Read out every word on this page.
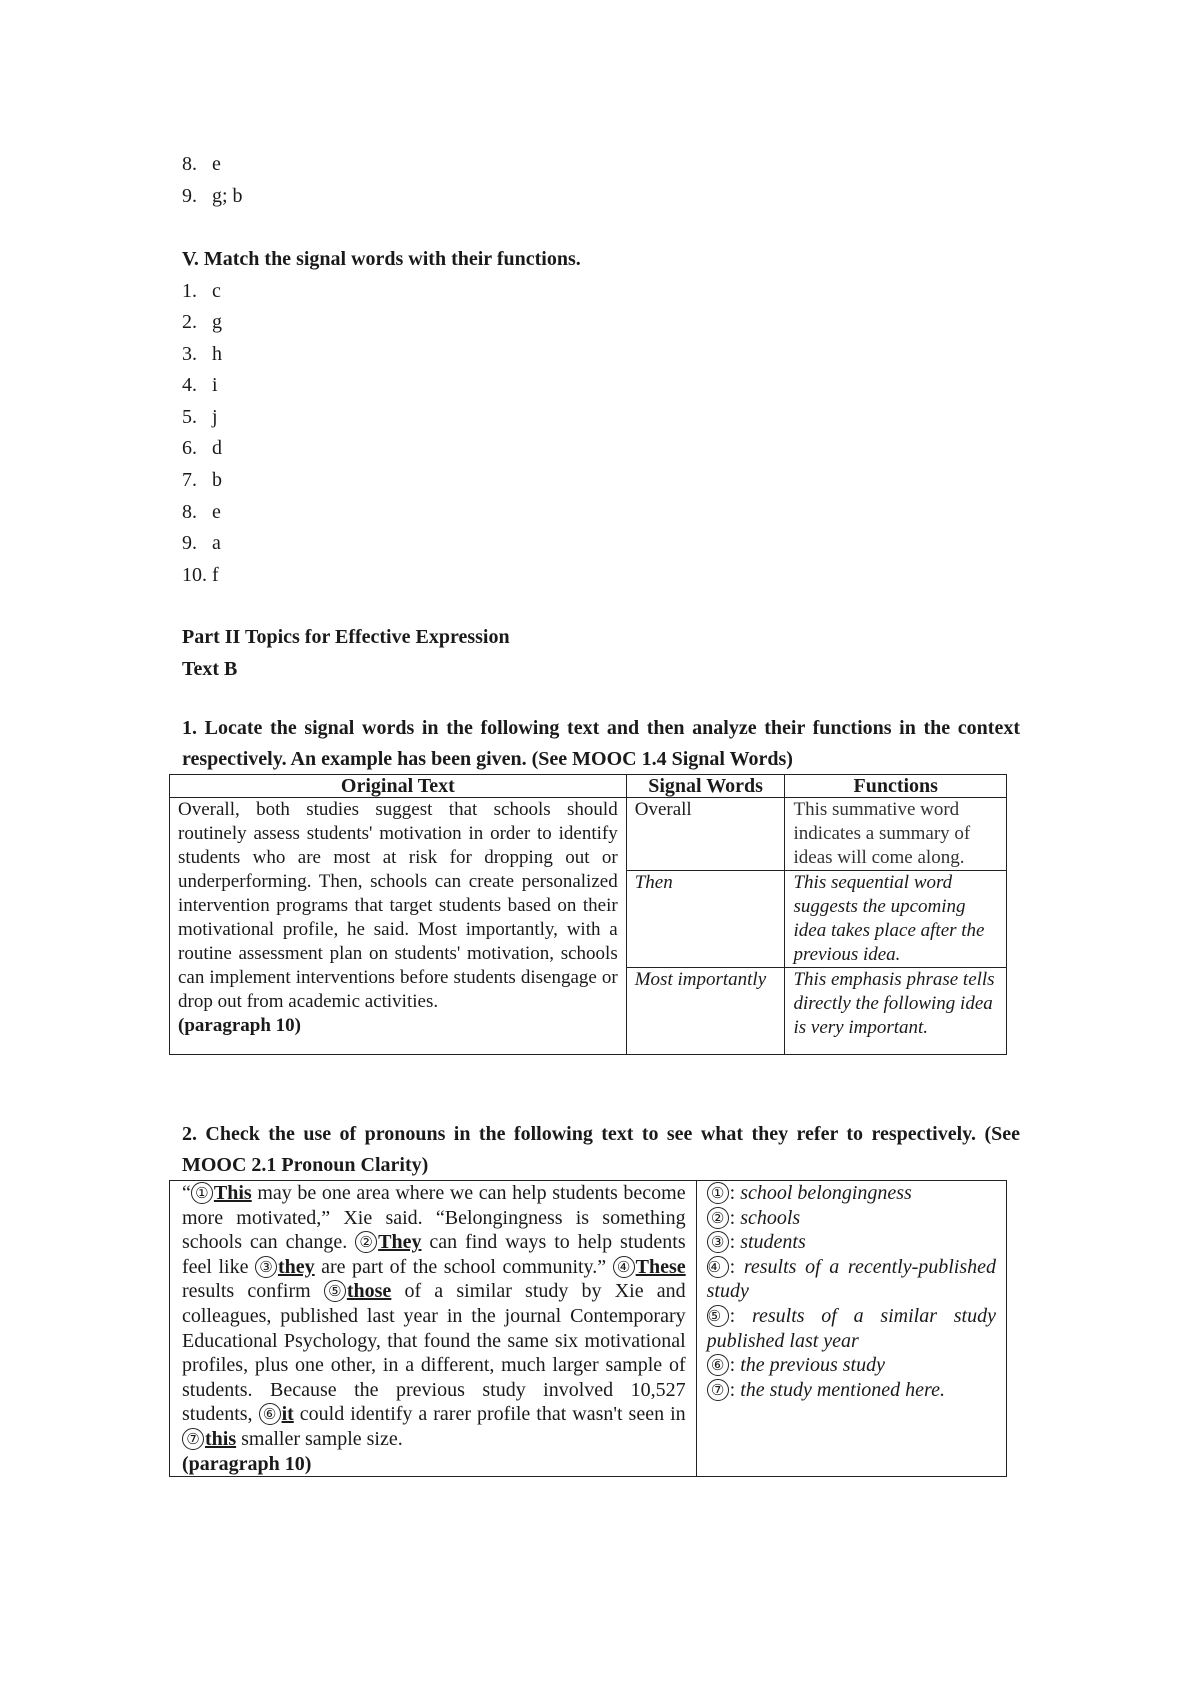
8. e
9. g; b
V. Match the signal words with their functions.
1. c
2. g
3. h
4. i
5. j
6. d
7. b
8. e
9. a
10. f
Part II Topics for Effective Expression
Text B
1. Locate the signal words in the following text and then analyze their functions in the context respectively. An example has been given. (See MOOC 1.4 Signal Words)
Original Text	Signal Words	Functions

Overall, both studies suggest that schools should routinely assess students' motivation in order to identify students who are most at risk for dropping out or underperforming. Then, schools can create personalized intervention programs that target students based on their motivational profile, he said. Most importantly, with a routine assessment plan on students' motivation, schools can implement interventions before students disengage or drop out from academic activities.
(paragraph 10)	Overall	This summative word indicates a summary of ideas will come along.
	Then	This sequential word suggests the upcoming idea takes place after the previous idea.
	Most importantly	This emphasis phrase tells directly the following idea is very important.
2. Check the use of pronouns in the following text to see what they refer to respectively. (See MOOC 2.1 Pronoun Clarity)
“ ① This may be one area where we can help students become more motivated,” Xie said. “Belongingness is something schools can change. ② They can find ways to help students feel like ③ they are part of the school community.” ④ These results confirm ⑤ those of a similar study by Xie and colleagues, published last year in the journal Contemporary Educational Psychology, that found the same six motivational profiles, plus one other, in a different, much larger sample of students. Because the previous study involved 10,527 students, ⑥ it could identify a rarer profile that wasn't seen in ⑦ this smaller sample size.
(paragraph 10)

① : school belongingness
② : schools
③ : students
④ : results of a recently-published study
⑤ : results of a similar study published last year
⑥ : the previous study
⑦ : the study mentioned here.
